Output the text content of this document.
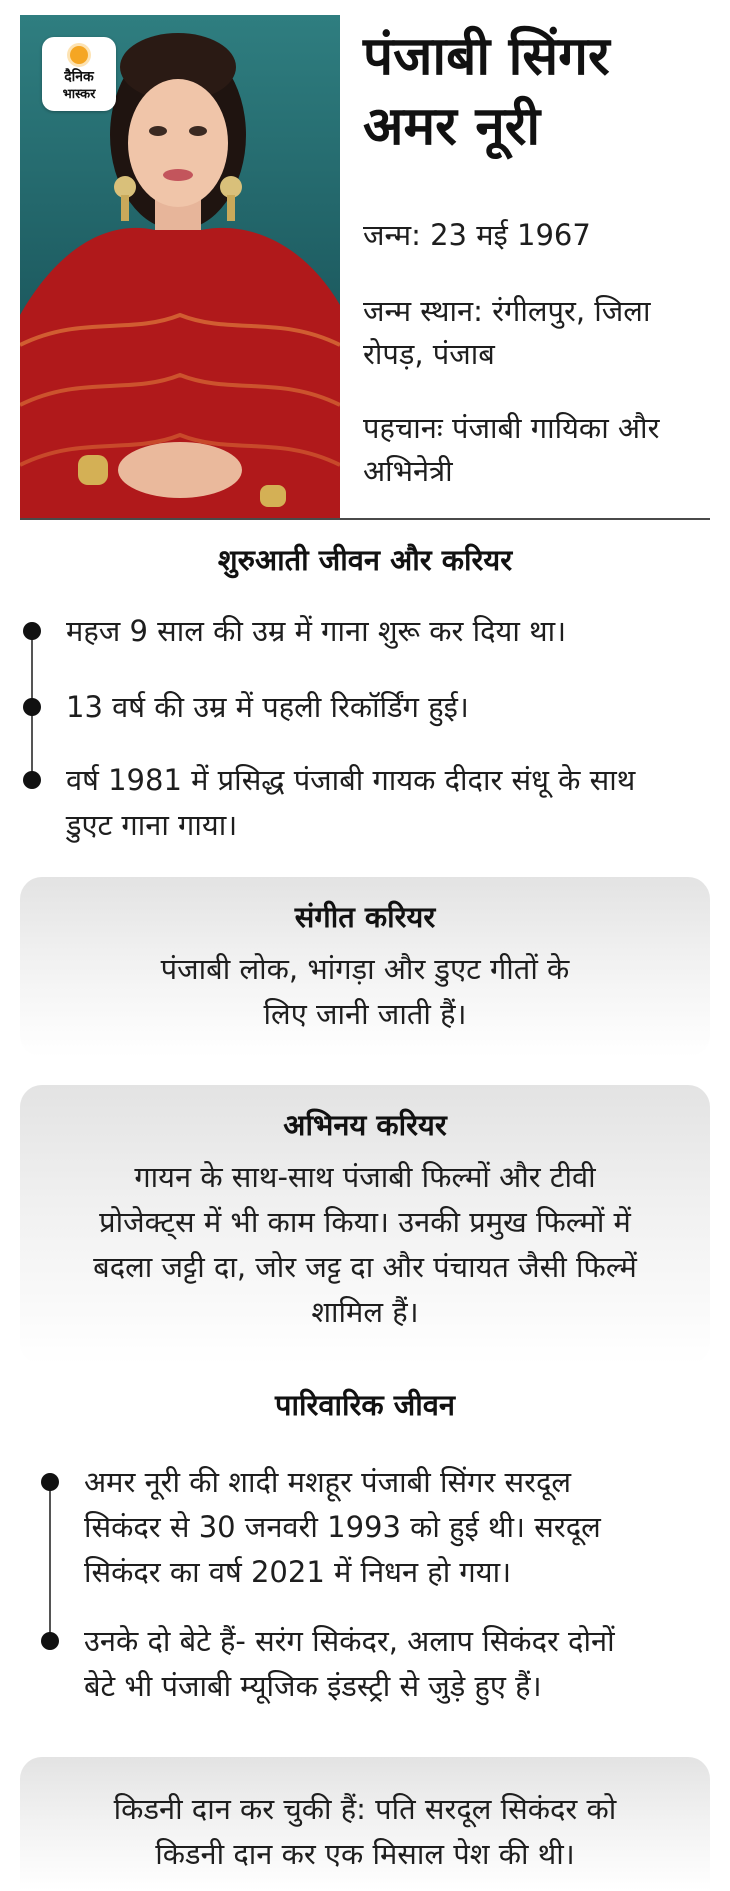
दैनिक
भास्कर
पंजाबी सिंगर
अमर नूरी
जन्म: 23 मई 1967
जन्म स्थान: रंगीलपुर, जिला
रोपड़, पंजाब
पहचानः पंजाबी गायिका और
अभिनेत्री
शुरुआती जीवन और करियर
महज 9 साल की उम्र में गाना शुरू कर दिया था।
13 वर्ष की उम्र में पहली रिकॉर्डिंग हुई।
वर्ष 1981 में प्रसिद्ध पंजाबी गायक दीदार संधू के साथ
डुएट गाना गाया।
संगीत करियर
पंजाबी लोक, भांगड़ा और डुएट गीतों के
लिए जानी जाती हैं।
अभिनय करियर
गायन के साथ-साथ पंजाबी फिल्मों और टीवी
प्रोजेक्ट्स में भी काम किया। उनकी प्रमुख फिल्मों में
बदला जट्टी दा, जोर जट्ट दा और पंचायत जैसी फिल्में
शामिल हैं।
पारिवारिक जीवन
अमर नूरी की शादी मशहूर पंजाबी सिंगर सरदूल
सिकंदर से 30 जनवरी 1993 को हुई थी। सरदूल
सिकंदर का वर्ष 2021 में निधन हो गया।
उनके दो बेटे हैं- सरंग सिकंदर, अलाप सिकंदर दोनों
बेटे भी पंजाबी म्यूजिक इंडस्ट्री से जुड़े हुए हैं।
किडनी दान कर चुकी हैं: पति सरदूल सिकंदर को
किडनी दान कर एक मिसाल पेश की थी।
